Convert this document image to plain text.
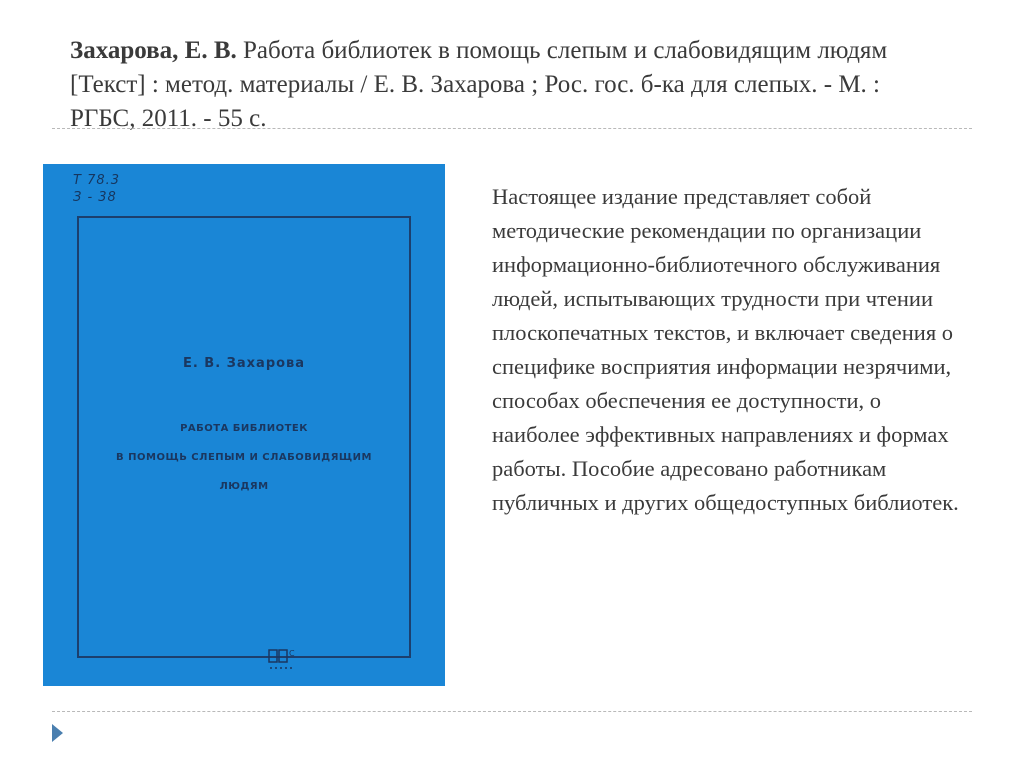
Захарова, Е. В. Работа библиотек в помощь слепым и слабовидящим людям [Текст] : метод. материалы / Е. В. Захарова ; Рос. гос. б-ка для слепых. - М. : РГБС, 2011. - 55 с.
Т 78.3
З - 38
Е. В. Захарова
РАБОТА БИБЛИОТЕК
В ПОМОЩЬ СЛЕПЫМ И СЛАБОВИДЯЩИМ
ЛЮДЯМ
С
Настоящее издание представляет собой методические рекомендации по организации информационно-библиотечного обслуживания людей, испытывающих трудности при чтении плоскопечатных текстов, и включает сведения о специфике восприятия информации незрячими, способах обеспечения ее доступности, о наиболее эффективных направлениях и формах работы. Пособие адресовано работникам публичных и других общедоступных библиотек.
